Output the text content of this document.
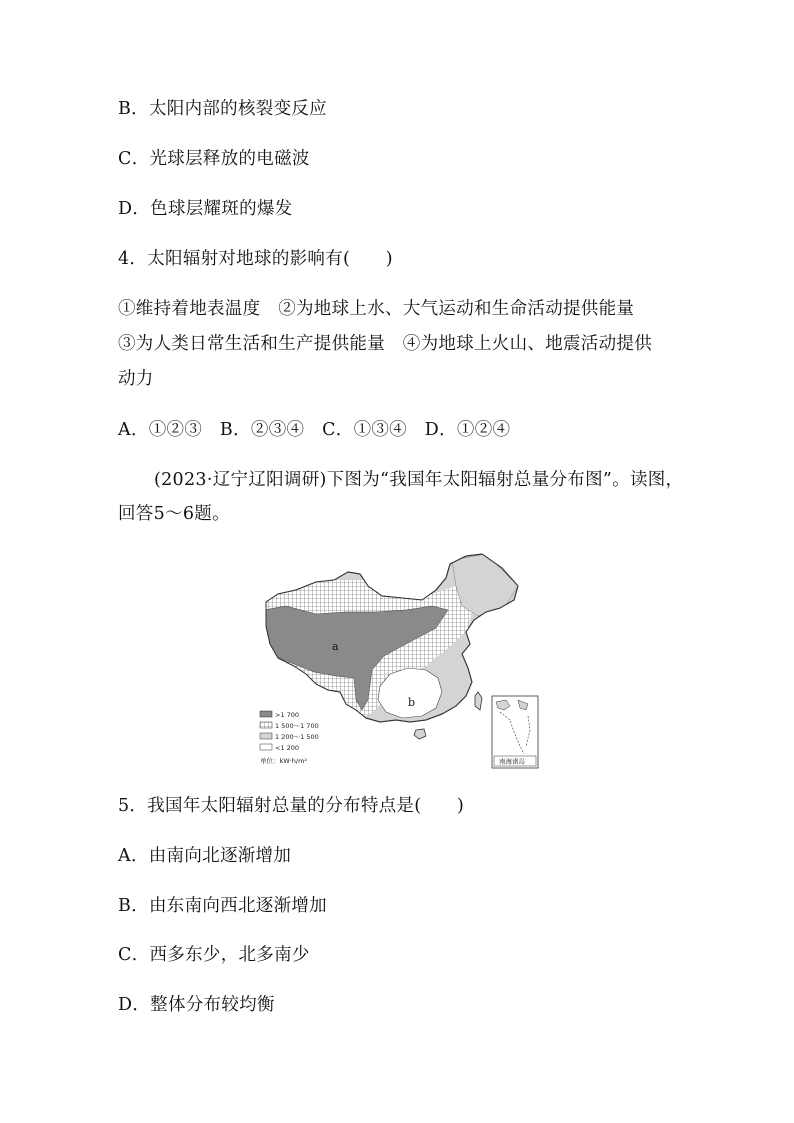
B．太阳内部的核裂变反应
C．光球层释放的电磁波
D．色球层耀斑的爆发
4．太阳辐射对地球的影响有(　　)
①维持着地表温度　②为地球上水、大气运动和生命活动提供能量
③为人类日常生活和生产提供能量　④为地球上火山、地震活动提供
动力
A．①②③　B．②③④　C．①③④　D．①②④
(2023·辽宁辽阳调研)下图为“我国年太阳辐射总量分布图”。读图，回答5～6题。
a
b
>1 700
1 500～1 700
1 200～1 500
<1 200
单位：kW·h/m²	南海诸岛
5．我国年太阳辐射总量的分布特点是(　　)
A．由南向北逐渐增加
B．由东南向西北逐渐增加
C．西多东少，北多南少
D．整体分布较均衡
